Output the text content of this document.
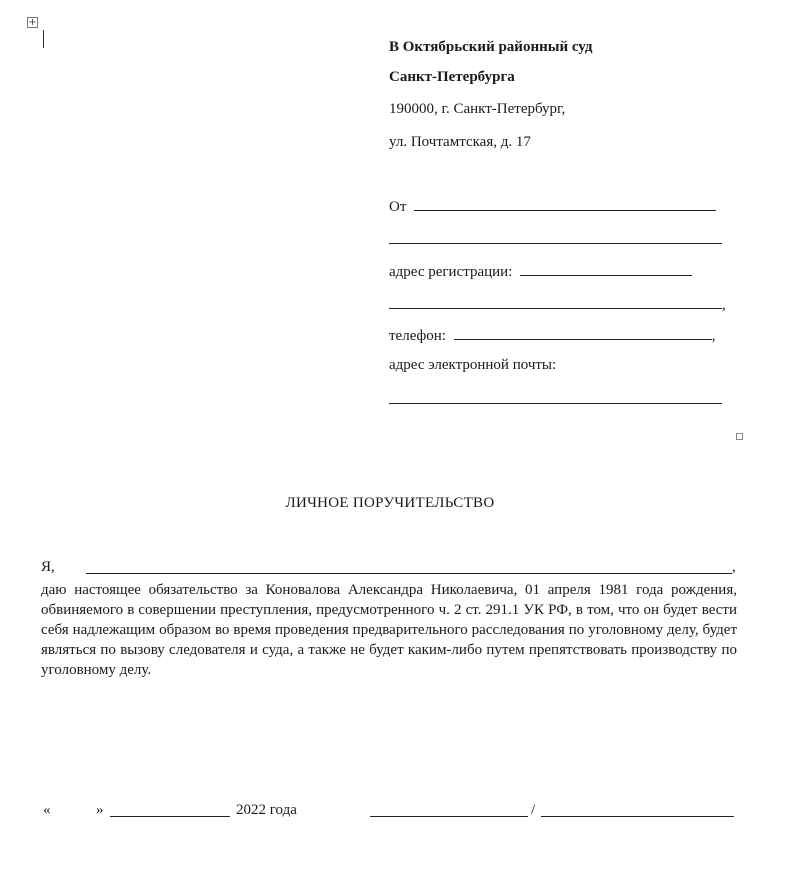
+
В Октябрьский районный суд
Санкт-Петербурга
190000, г. Санкт-Петербург,
ул. Почтамтская, д. 17
От
адрес регистрации:
,
телефон:	,
адрес электронной почты:
ЛИЧНОЕ ПОРУЧИТЕЛЬСТВО
Я,	,
даю настоящее обязательство за Коновалова Александра Николаевича, 01 апреля 1981 года рождения, обвиняемого в совершении преступления, предусмотренного ч. 2 ст. 291.1 УК РФ, в том, что он будет вести себя надлежащим образом во время проведения предварительного расследования по уголовному делу, будет являться по вызову следователя и суда, а также не будет каким-либо путем препятствовать производству по уголовному делу.
«	»	2022 года	/
